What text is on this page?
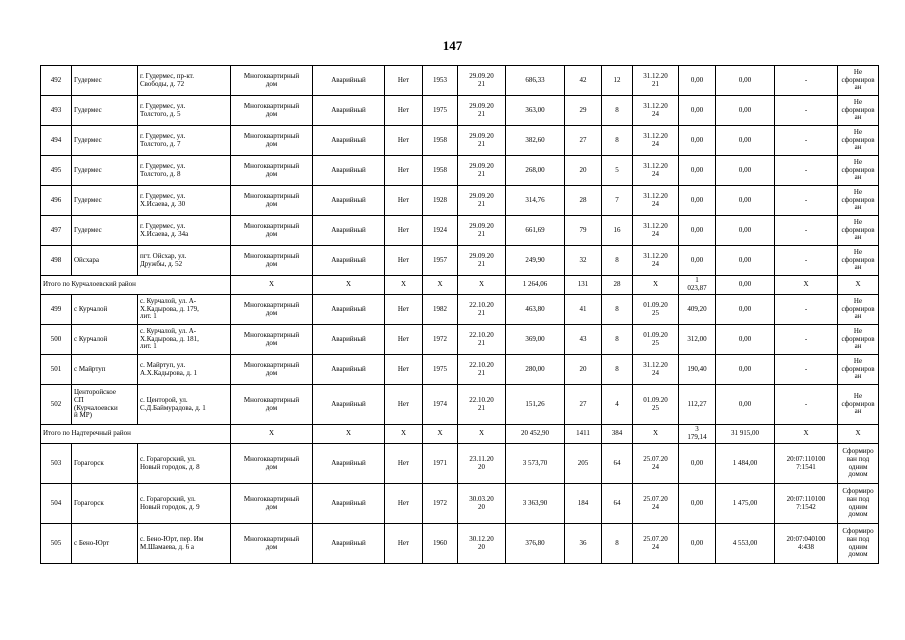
147
492	Гудермес	г. Гудермес, пр-кт.
Свободы, д. 72	Многоквартирный
дом	Аварийный	Нет	1953	29.09.20
21	686,33	42	12	31.12.20
21	0,00	0,00	-	Не
сформиров
ан
493	Гудермес	г. Гудермес, ул.
Толстого, д. 5	Многоквартирный
дом	Аварийный	Нет	1975	29.09.20
21	363,00	29	8	31.12.20
24	0,00	0,00	-	Не
сформиров
ан
494	Гудермес	г. Гудермес, ул.
Толстого, д. 7	Многоквартирный
дом	Аварийный	Нет	1958	29.09.20
21	382,60	27	8	31.12.20
24	0,00	0,00	-	Не
сформиров
ан
495	Гудермес	г. Гудермес, ул.
Толстого, д. 8	Многоквартирный
дом	Аварийный	Нет	1958	29.09.20
21	268,00	20	5	31.12.20
24	0,00	0,00	-	Не
сформиров
ан
496	Гудермес	г. Гудермес, ул.
Х.Исаева, д. 30	Многоквартирный
дом	Аварийный	Нет	1928	29.09.20
21	314,76	28	7	31.12.20
24	0,00	0,00	-	Не
сформиров
ан
497	Гудермес	г. Гудермес, ул.
Х.Исаева, д. 34а	Многоквартирный
дом	Аварийный	Нет	1924	29.09.20
21	661,69	79	16	31.12.20
24	0,00	0,00	-	Не
сформиров
ан
498	Ойсхара	пгт. Ойсхар, ул.
Дружбы, д. 52	Многоквартирный
дом	Аварийный	Нет	1957	29.09.20
21	249,90	32	8	31.12.20
24	0,00	0,00	-	Не
сформиров
ан
Итого по Курчалоевский район			X	X	X	X	X	1 264,06	131	28	X	1
023,87	0,00	X	X
499	с Курчалой	с. Курчалой, ул. А-
Х.Кадырова, д. 179,
лит. 1	Многоквартирный
дом	Аварийный	Нет	1982	22.10.20
21	463,80	41	8	01.09.20
25	409,20	0,00	-	Не
сформиров
ан
500	с Курчалой	с. Курчалой, ул. А-
Х.Кадырова, д. 181,
лит. 1	Многоквартирный
дом	Аварийный	Нет	1972	22.10.20
21	369,00	43	8	01.09.20
25	312,00	0,00	-	Не
сформиров
ан
501	с Майртуп	с. Майртуп, ул.
А.Х.Кадырова, д. 1	Многоквартирный
дом	Аварийный	Нет	1975	22.10.20
21	280,00	20	8	31.12.20
24	190,40	0,00	-	Не
сформиров
ан
502	Центоройское
СП
(Курчалоевски
й МР)	с. Центорой, ул.
С.Д.Баймурадова, д. 1	Многоквартирный
дом	Аварийный	Нет	1974	22.10.20
21	151,26	27	4	01.09.20
25	112,27	0,00	-	Не
сформиров
ан
Итого по Надтеречный район			X	X	X	X	X	20 452,90	1411	384	X	3
179,14	31 915,00	X	X
503	Горагорск	с. Горагорский, ул.
Новый городок, д. 8	Многоквартирный
дом	Аварийный	Нет	1971	23.11.20
20	3 573,70	205	64	25.07.20
24	0,00	1 484,00	20:07:110100
7:1541	Сформиро
ван под
одним
домом
504	Горагорск	с. Горагорский, ул.
Новый городок, д. 9	Многоквартирный
дом	Аварийный	Нет	1972	30.03.20
20	3 363,90	184	64	25.07.20
24	0,00	1 475,00	20:07:110100
7:1542	Сформиро
ван под
одним
домом
505	с Бено-Юрт	с. Бено-Юрт, пер. Им
М.Шамаева, д. 6 а	Многоквартирный
дом	Аварийный	Нет	1960	30.12.20
20	376,80	36	8	25.07.20
24	0,00	4 553,00	20:07:040100
4:438	Сформиро
ван под
одним
домом
